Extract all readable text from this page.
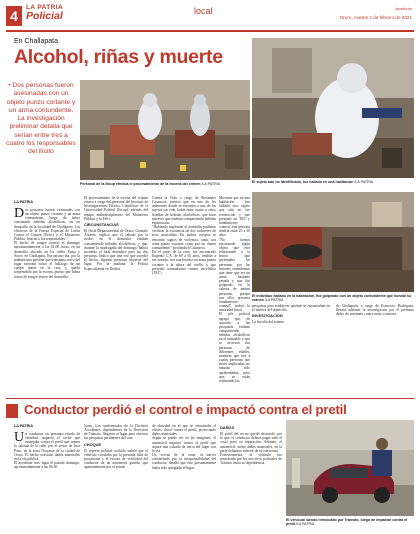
4
LA PATRIA
Policial	local	lapatria.bo
Oruro, martes 2 de febrero de 2021
En Challapata
Alcohol, riñas y muerte
• Dos personas fueron asesinadas con un objeto punzo cortante y un arma contundente. La investigación preliminar detalla que serían entre tres a cuatro los responsables del ilícito
Personal de la Iitcup efectúa el procesamiento de la escena del crimen /LA PATRIA	El sujeto aún no identificado, fue hallado en una habitación /LA PATRIA
El individuo hallado en la habitación, fue golpeado con un objeto contundente que hundió su cráneo /LA PATRIA
LA PATRIA
D os personas fueron victimadas con un objeto punzo cortante y un arma contundente, luego de haber consumido bebidas alcohólicas, en un domicilio en la localidad de Challapata. Los efectivos de la Fuerza Especial de Lucha Contra el Crimen (Felcc) y el Ministerio Público, buscan a los responsables.
El hecho de sangre ocurrió el domingo aproximadamente a las 01:00 horas, en un domicilio ubicado en las calles Tarija y Sucre, en Challapata. Ese mismo día, por la mañana una persona que transitaba cerca del lugar informó sobre el hallazgo de un cuerpo inerte en la casa, y quedó sorprendido por la escena, puesto que había restos de sangre afuera del domicilio.
El procesamiento de la escena del crimen estuvo a cargo del personal del Instituto de Investigaciones Técnico Científicas de la Universidad Policial (Iitcup), además del equipo multidisciplinario del Ministerio Público y la Felcc.
CIRCUNSTANCIAS
El fiscal Departamental de Oruro, Gonzalo Álvarez, explicó que el sábado por la noche, en el domicilio estaban consumiendo bebidas alcohólicas, y que, durante la madrugada del domingo, habría sucedido el fatal desenlace para las dos personas. Indicó que una vez que sucedió el hecho, algunas personas huyeron del lugar. Por la mañana, la Policía Especializada en Delitos
Contra la Vida, a cargo de Alexander Casanova, precisó que en uno de los ambientes donde se encontró a uno de los sujetos sin vida, había entre cuatro a cinco botellas de bebidas alcohólicas, que hace entrever que estaban compartiendo bebidas espirituosas.
"Habiendo ingresado al domicilio pudimos verificar la existencia de dos cadáveres de sexo masculino. En ambos cuerpos se encontró signos de violencia, tanto con arma punzo cortante como por un objeto contundente", profundizó Casanova.
En el patio de la casa, fue encontrado Eugenio C.A. de 60 a 65 años, tendido a un costado, con una herida con arma punzo cortante a la altura del cuello, y que presentó traumatismo craneo encefálico (TEC)
Mientras que en una habitación fue hallado otro sujeto que aún no fue reconocido y que presentó un TEC y hundimiento craneal, esta persona tendría entre 25 a 30 años.
"No hemos encontrado algún objeto que esté relacionado a la lesión que presentaba las personas, por las lesiones entendemos que tiene que ser un arma bastante pesada y que fue golpeado en la cabeza de ambas personas, porque son ellos presenta hundimiento craneal", indicó la autoridad fiscal.
El jefe policial agregó que, de acuerdo a las pesquisas, estaban compartiendo bebidas alcohólicas en el inmueble y que se tuvieron dos personas de diferentes edades, mientras que tres a cuatro personas que están implicadas no habrían sido aprehendidas, pero que se están realizando las
pesquisas para establecer quiénes se encontraban en el interior del domicilio.
INVESTIGACIÓN
La fiscalía del asiento
de Challapata, a cargo de Francisco Rodríguez, llevará adelante la investigación por el presunto delito de asesinato contra autor o autores.
Conductor perdió el control e impactó contra el pretil
LA PATRIA
U n conductor en presunto estado de ebriedad, impactó el coche que manejaba contra el pretil que separa la calzada de la calle, por el sector de Inca Pozo, en la zona Noroeste de la ciudad de Oruro. El hecho ocasionó daños materiales en la vía pública.
El accidente tuvo lugar el pasado domingo, aproximadamente a las 06:30
horas. Los uniformados de la División Accidentes, dependientes de la Dirección de Tránsito, llegaron al lugar para efectuar las pesquisas pertinentes del caso.
CHOQUE
El reporte policial recibido señala que el vehículo circulaba por la presunta falta de precaución y el exceso de velocidad del conductor de un automóvil guinda, que aparentemente por el estado
de ebriedad en el que se encontraba el chofer, chocó contra el pretil, provocando daños materiales.
Según se puede ver en las imágenes, el automóvil impactó contra el pretil que separa una calzada de tierra del lugar con la vía.
Un vecino de la zona, al mover consternado por la irresponsabilidad del conductor, detalló que éste presuntamente había sido arreglado el lugar.
DAÑOS
El pretil del sector quedó destruido, por lo que, el conductor deberá pagar todo el costo para su reparación. Además, el automóvil, sufrió daños materiales, en la parte delantera inferior de su estructura.
Posteriormente, el vehículo fue remolcado por los efectivos policiales de Tránsito hasta su dependencia.
El vehículo siendo remolcado por Tránsito, luego de impactar contra el pretil /LA PATRIA
